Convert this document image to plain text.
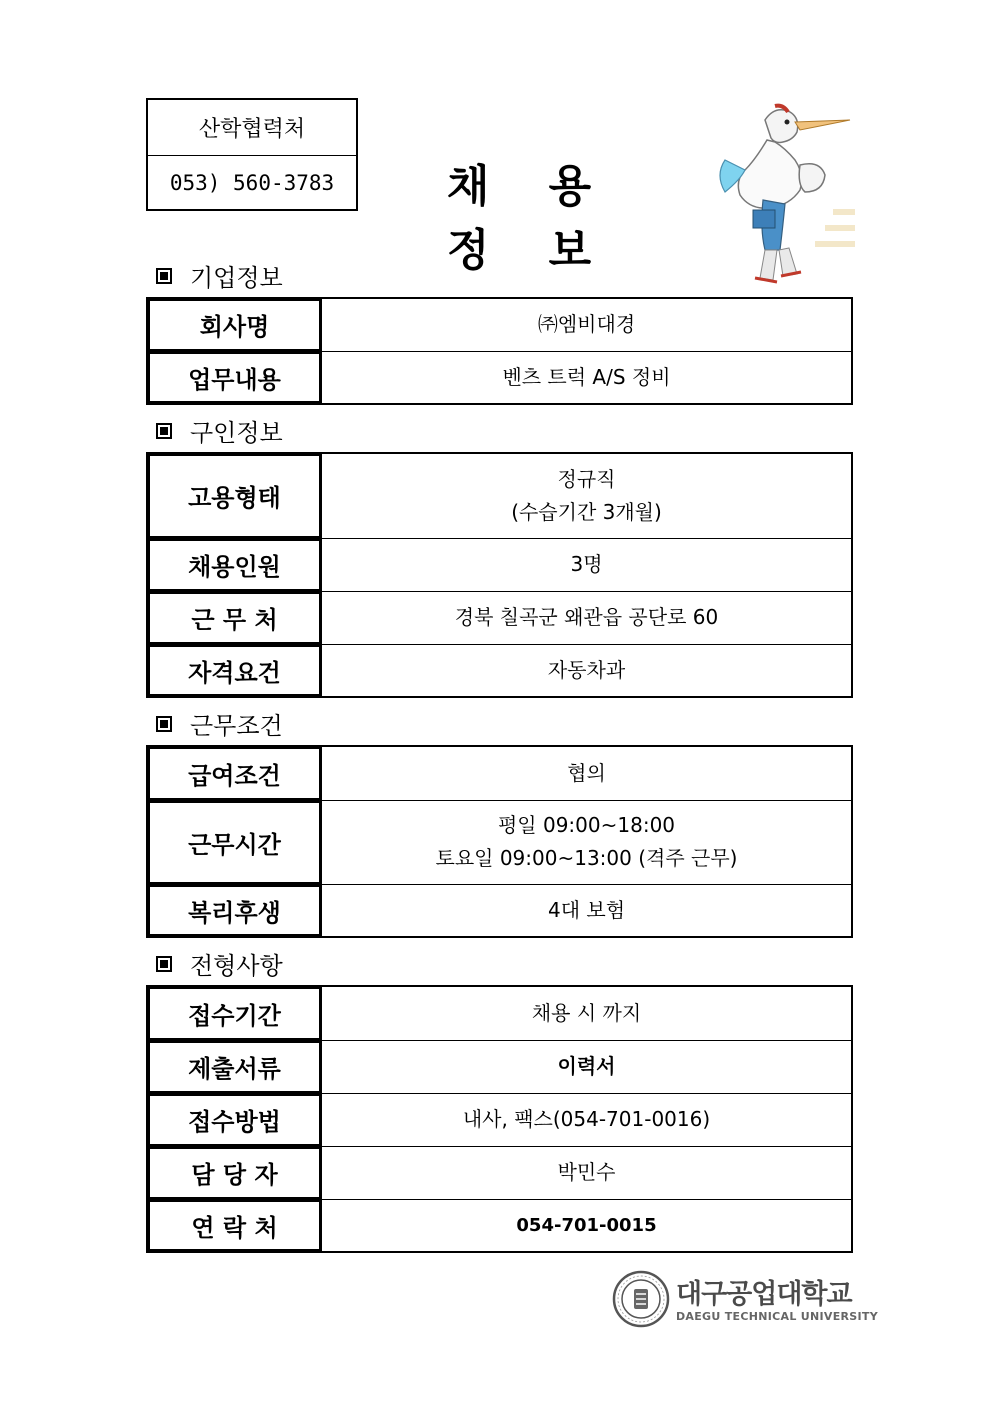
산학협력처
053) 560-3783	채 용 정 보
기업정보
회사명	㈜엠비대경
업무내용	벤츠 트럭 A/S 정비
구인정보
고용형태	정규직
(수습기간 3개월)

채용인원	3명
근 무 처	경북 칠곡군 왜관읍 공단로 60
자격요건	자동차과
근무조건
급여조건	협의
근무시간	평일 09:00~18:00
토요일 09:00~13:00 (격주 근무)

복리후생	4대 보험
전형사항
접수기간	채용 시 까지
제출서류	이력서
접수방법	내사, 팩스(054-701-0016)
담 당 자	박민수
연 락 처	054-701-0015
대구공업대학교
DAEGU TECHNICAL UNIVERSITY
